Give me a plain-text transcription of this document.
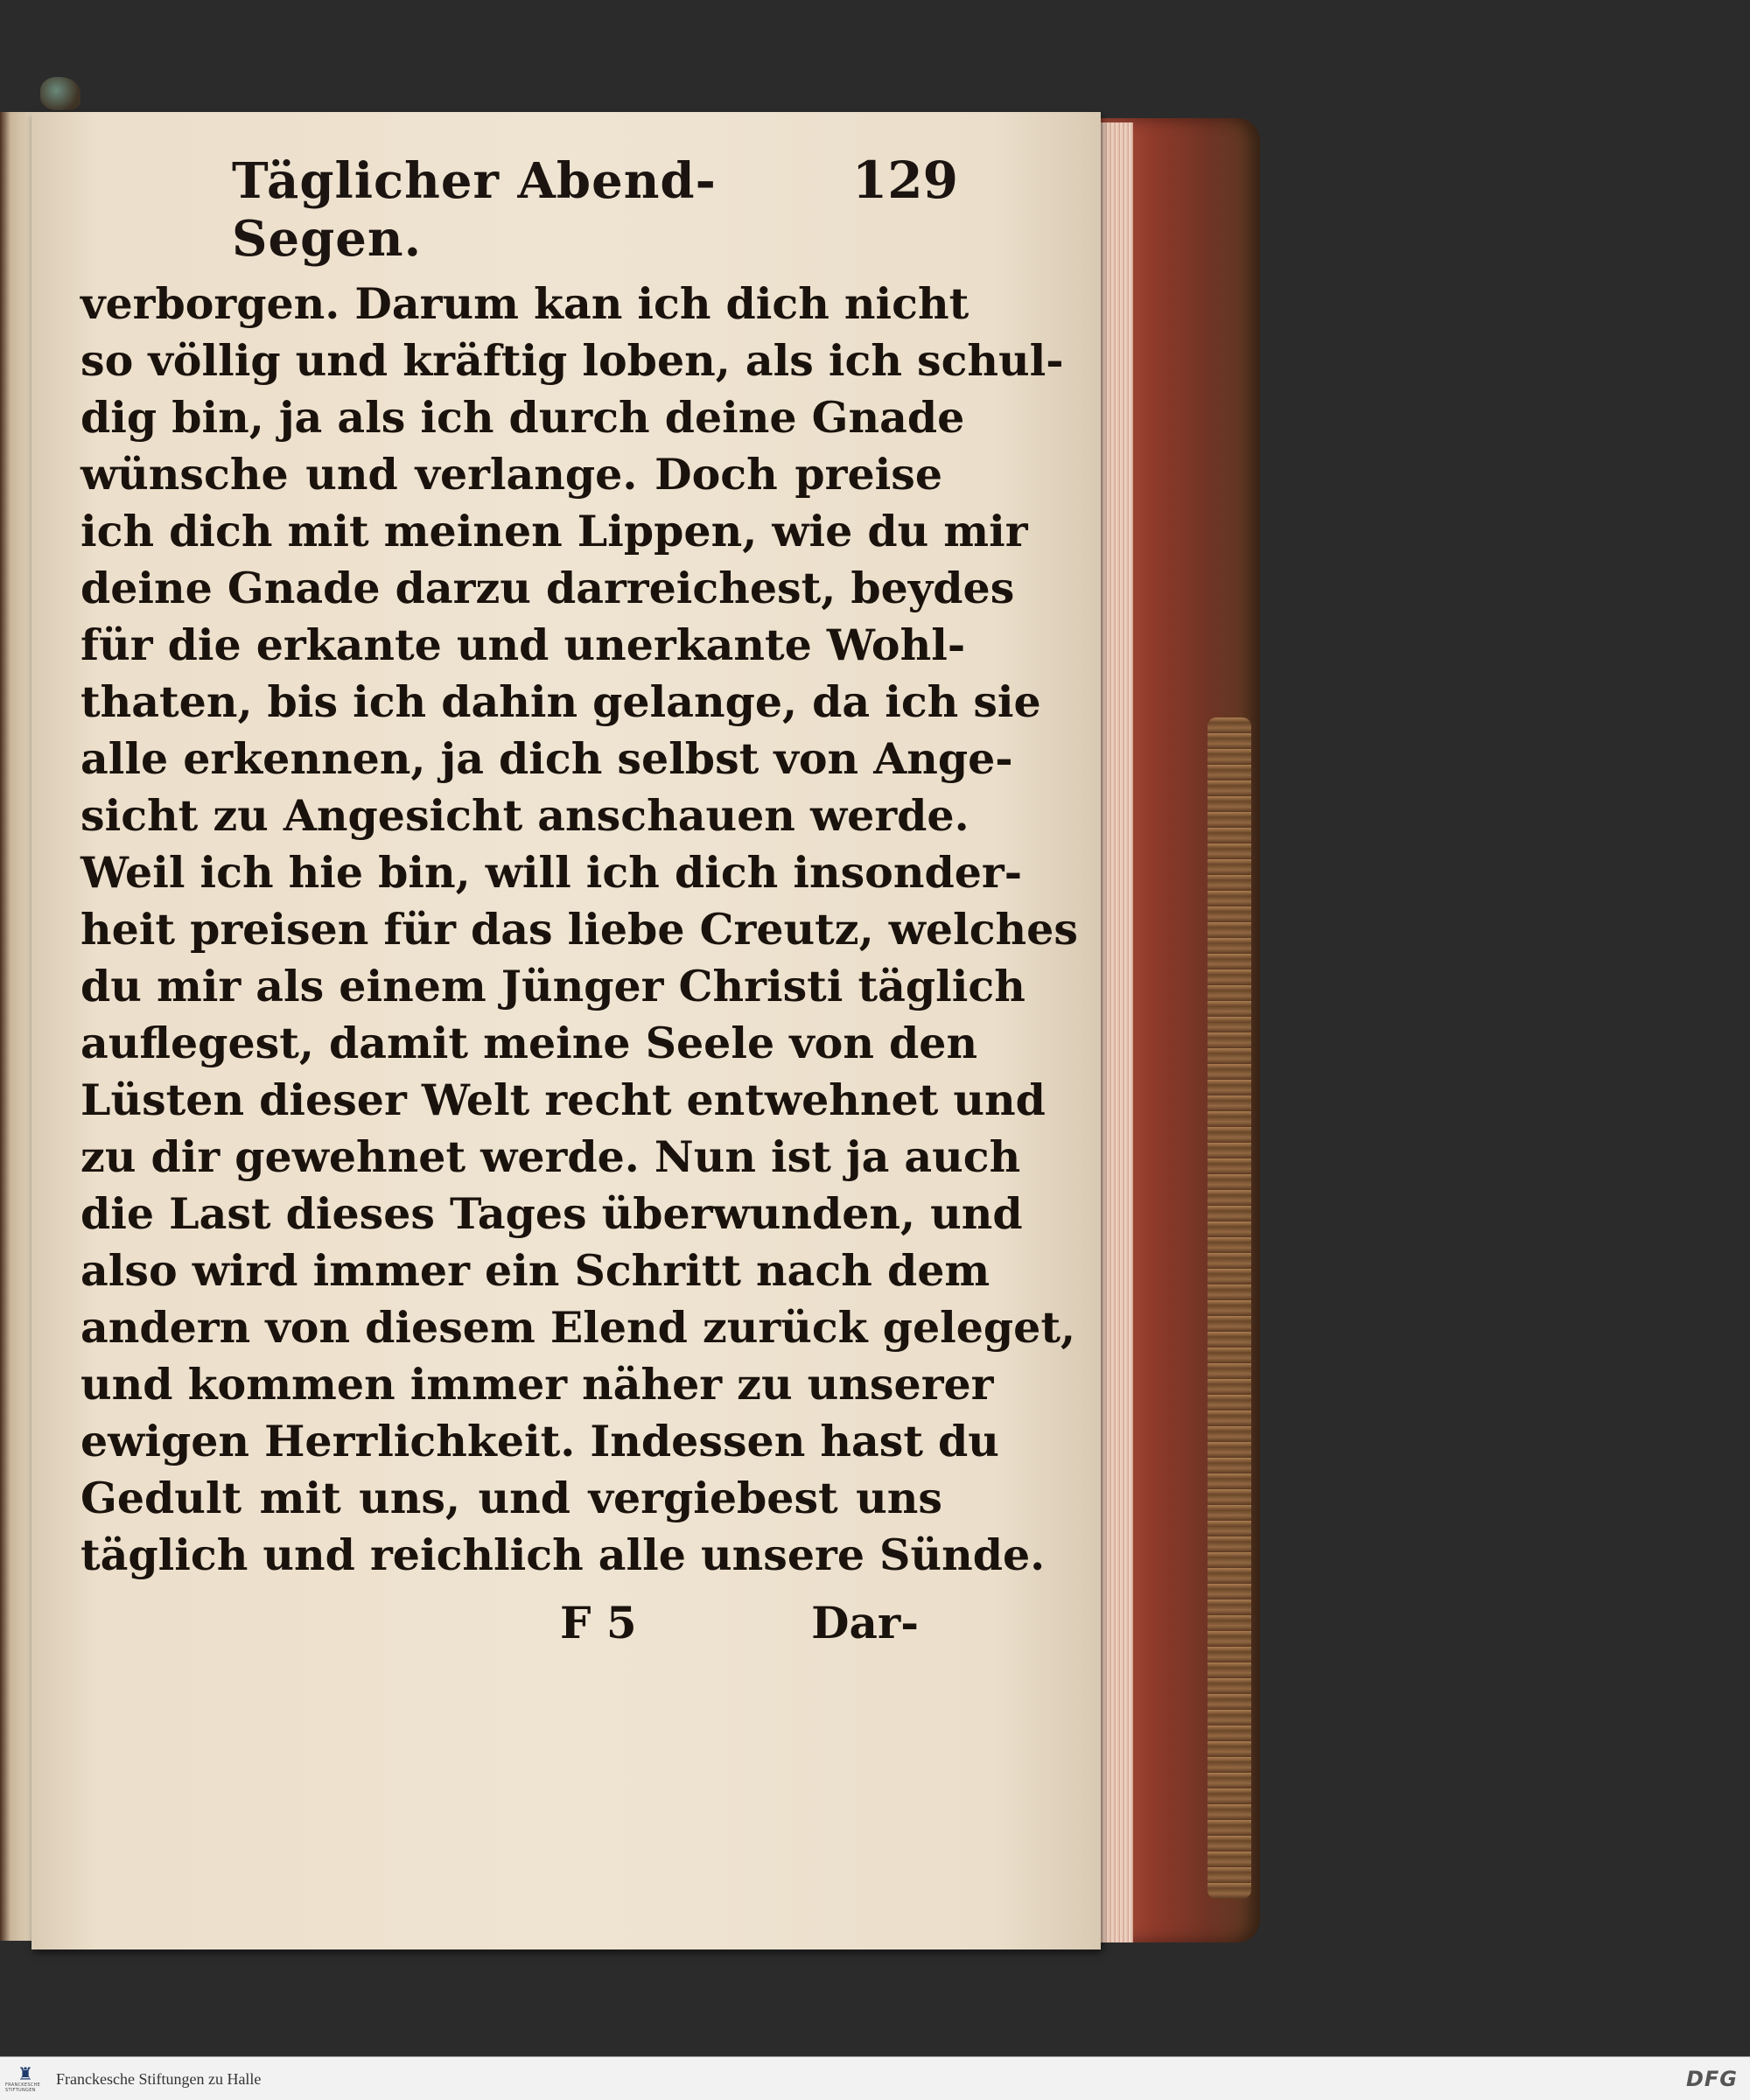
Täglicher Abend-Segen.
129
verborgen. Darum kan ich dich nicht
so völlig und kräftig loben, als ich schul-
dig bin, ja als ich durch deine Gnade
wünsche und verlange. Doch preise
ich dich mit meinen Lippen, wie du mir
deine Gnade darzu darreichest, beydes
für die erkante und unerkante Wohl-
thaten, bis ich dahin gelange, da ich sie
alle erkennen, ja dich selbst von Ange-
sicht zu Angesicht anschauen werde.
Weil ich hie bin, will ich dich insonder-
heit preisen für das liebe Creutz, welches
du mir als einem Jünger Christi täglich
auflegest, damit meine Seele von den
Lüsten dieser Welt recht entwehnet und
zu dir gewehnet werde. Nun ist ja auch
die Last dieses Tages überwunden, und
also wird immer ein Schritt nach dem
andern von diesem Elend zurück geleget,
und kommen immer näher zu unserer
ewigen Herrlichkeit. Indessen hast du
Gedult mit uns, und vergiebest uns
täglich und reichlich alle unsere Sünde.
F 5	Dar-
♜
FRANCKESCHE STIFTUNGEN
Franckesche Stiftungen zu Halle	DFG
